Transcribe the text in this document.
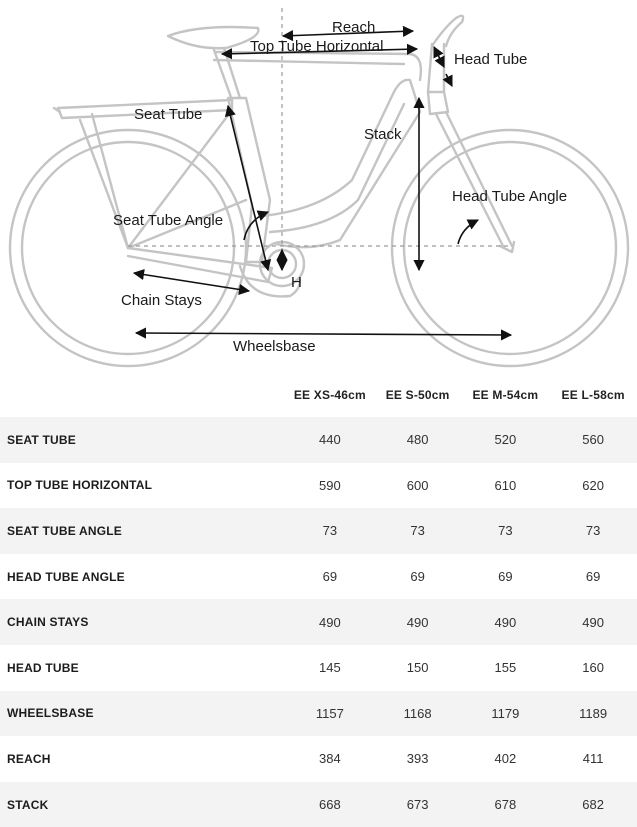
Reach
Top Tube Horizontal
Head Tube
Seat Tube
Stack
Head Tube Angle
Seat Tube Angle
H
Chain Stays
Wheelsbase
	EE XS-46cm	EE S-50cm	EE M-54cm	EE L-58cm
SEAT TUBE	440	480	520	560
TOP TUBE HORIZONTAL	590	600	610	620
SEAT TUBE ANGLE	73	73	73	73
HEAD TUBE ANGLE	69	69	69	69
CHAIN STAYS	490	490	490	490
HEAD TUBE	145	150	155	160
WHEELSBASE	1157	1168	1179	1189
REACH	384	393	402	411
STACK	668	673	678	682
